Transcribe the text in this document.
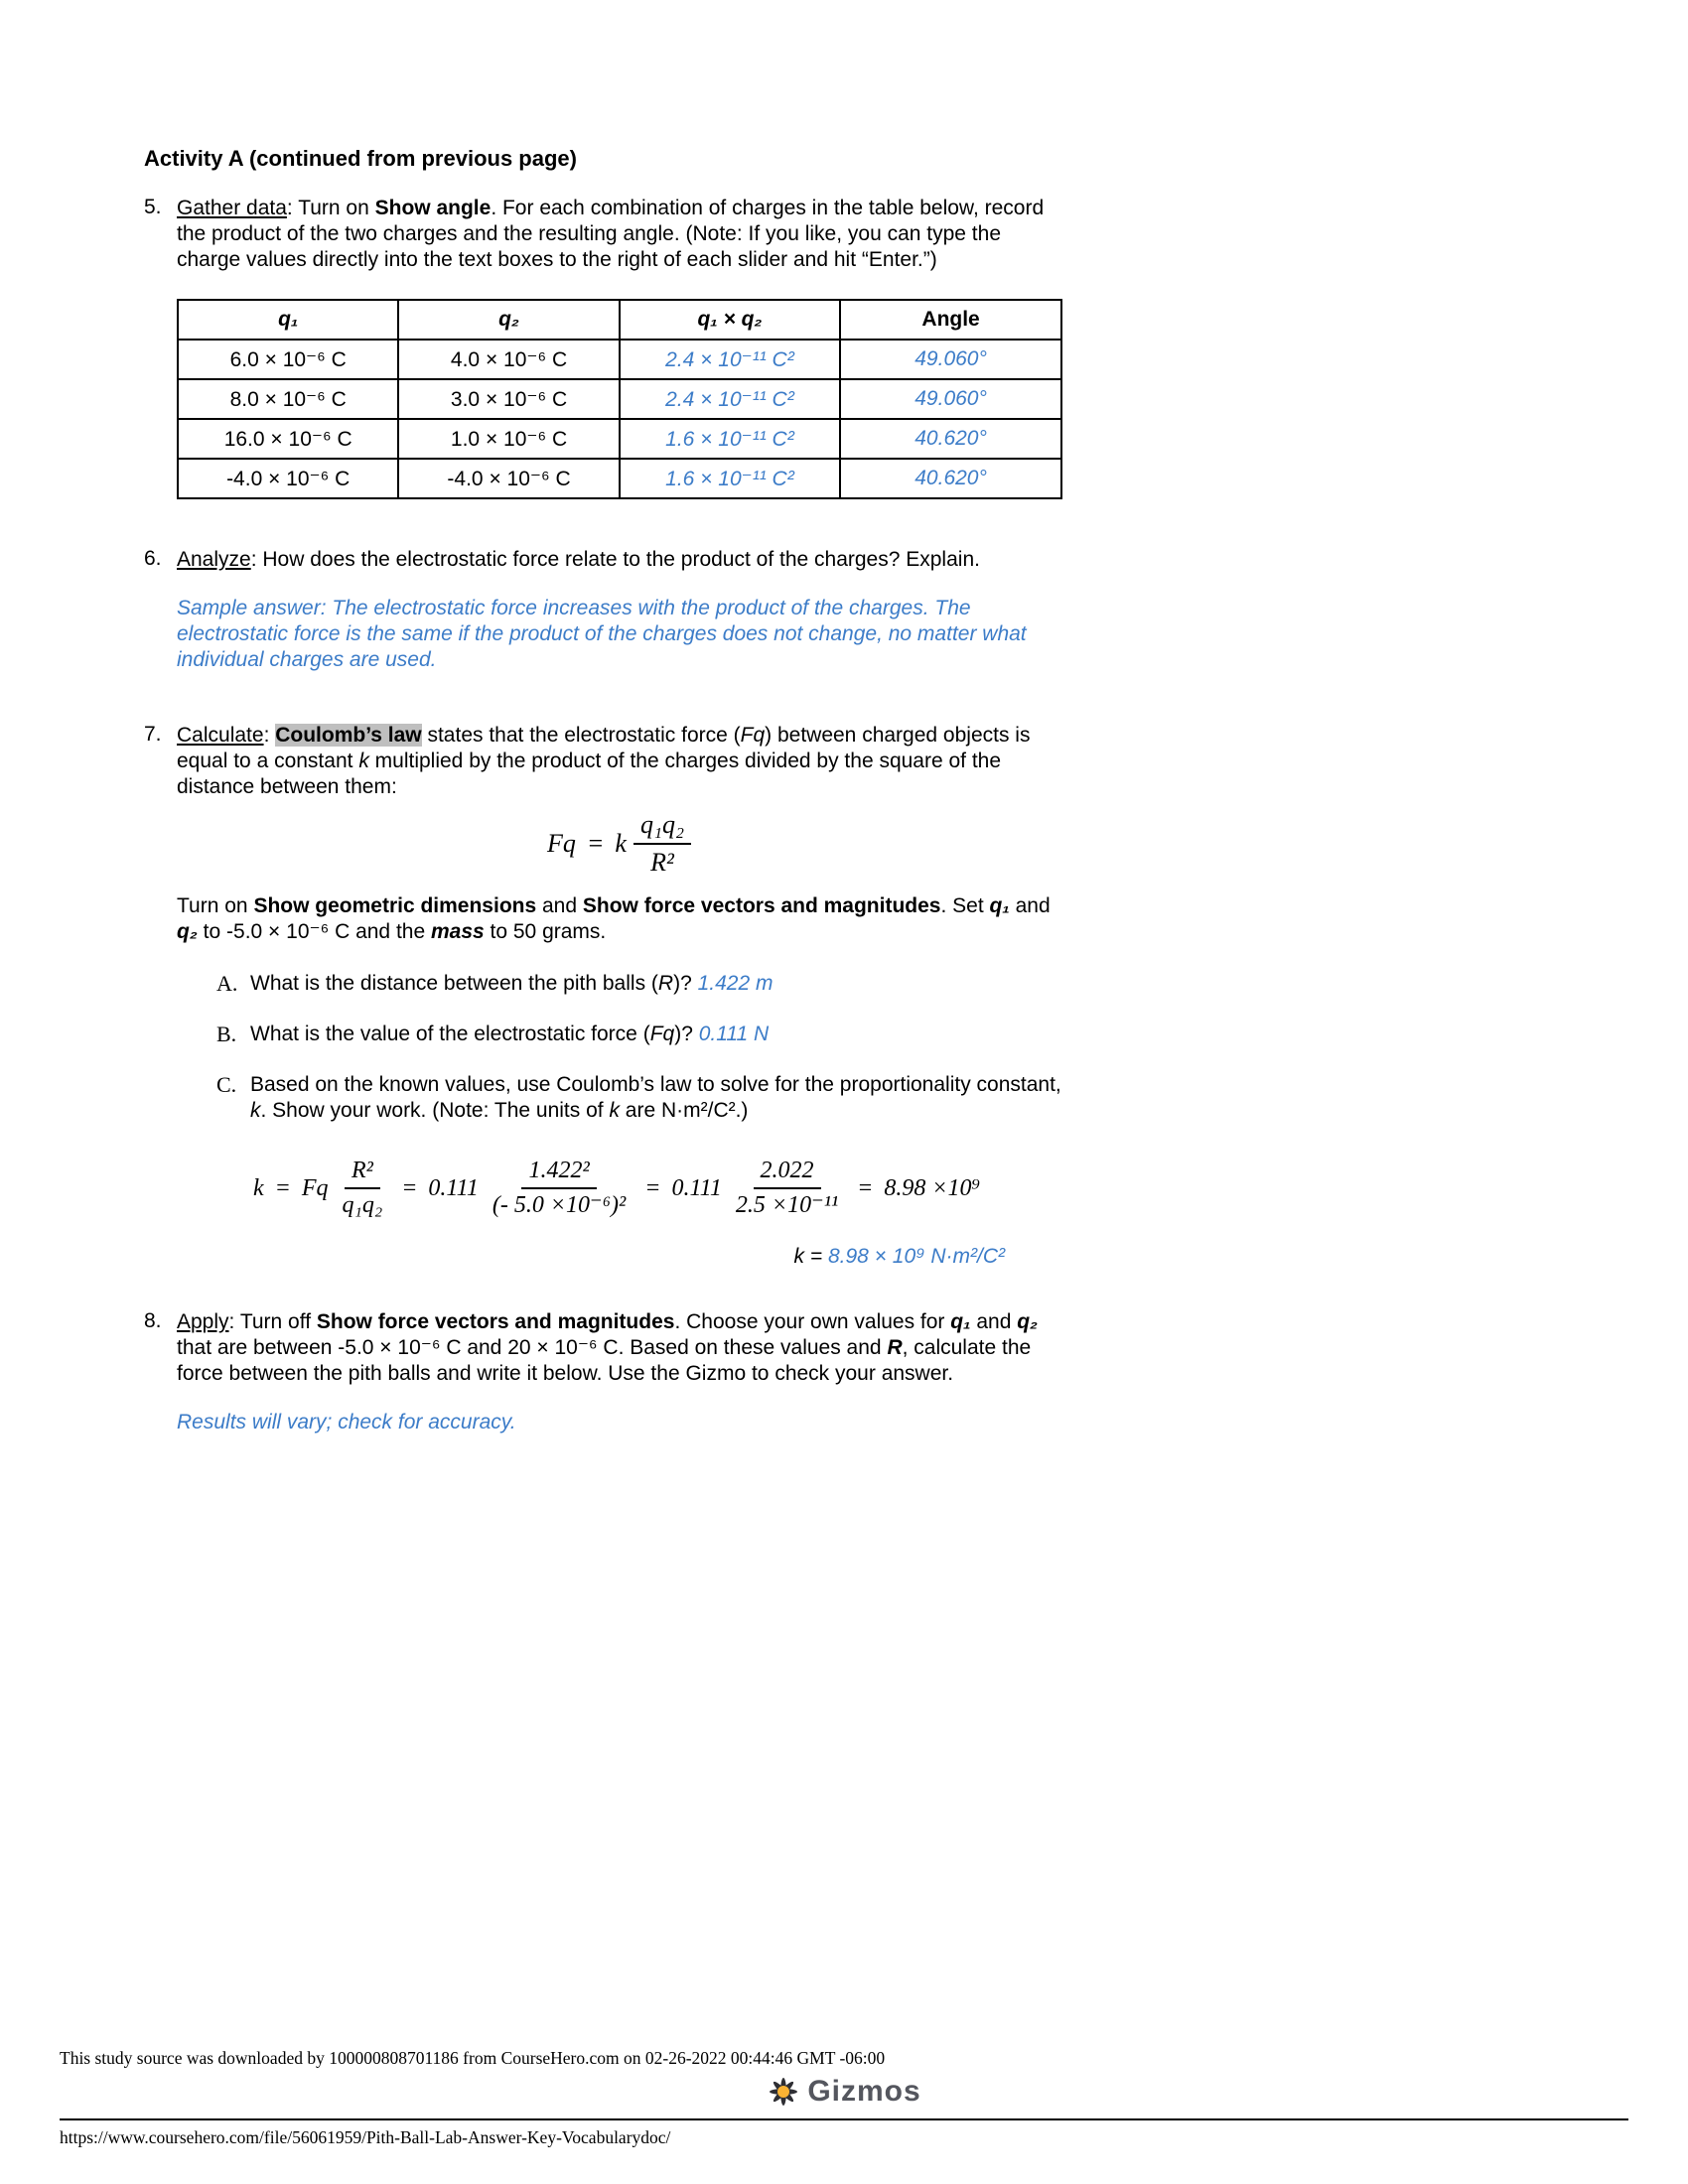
Activity A (continued from previous page)
5. Gather data: Turn on Show angle. For each combination of charges in the table below, record the product of the two charges and the resulting angle. (Note: If you like, you can type the charge values directly into the text boxes to the right of each slider and hit “Enter.”)
q₁	q₂	q₁ × q₂	Angle
6.0 × 10⁻⁶ C	4.0 × 10⁻⁶ C	2.4 × 10⁻¹¹ C²	49.060°
8.0 × 10⁻⁶ C	3.0 × 10⁻⁶ C	2.4 × 10⁻¹¹ C²	49.060°
16.0 × 10⁻⁶ C	1.0 × 10⁻⁶ C	1.6 × 10⁻¹¹ C²	40.620°
-4.0 × 10⁻⁶ C	-4.0 × 10⁻⁶ C	1.6 × 10⁻¹¹ C²	40.620°
6. Analyze: How does the electrostatic force relate to the product of the charges? Explain.
Sample answer: The electrostatic force increases with the product of the charges. The electrostatic force is the same if the product of the charges does not change, no matter what individual charges are used.
7. Calculate: Coulomb’s law states that the electrostatic force (Fq) between charged objects is equal to a constant k multiplied by the product of the charges divided by the square of the distance between them:
Fq = k $\frac{\text{q₁q₂}}{\text{R²}}$
Turn on Show geometric dimensions and Show force vectors and magnitudes. Set q₁ and q₂ to -5.0 × 10⁻⁶ C and the mass to 50 grams.
A. What is the distance between the pith balls (R)? 1.422 m
B. What is the value of the electrostatic force (Fq)? 0.111 N
C. Based on the known values, use Coulomb’s law to solve for the proportionality constant, k. Show your work. (Note: The units of k are N·m²/C².)
k = Fq $\frac{\text{R²}}{\text{q₁q₂}} = 0.111 \frac{\text{1.422²}}{\text{(- 5.0 ×10⁻⁶)²}} = 0.111 \frac{2.022}{\text{2.5 ×10⁻¹¹}} = 8.98 \times 10^9$
k = 8.98 × 10⁹ N·m²/C²
8. Apply: Turn off Show force vectors and magnitudes. Choose your own values for q₁ and q₂ that are between -5.0 × 10⁻⁶ C and 20 × 10⁻⁶ C. Based on these values and R, calculate the force between the pith balls and write it below. Use the Gizmo to check your answer.
Results will vary; check for accuracy.
This study source was downloaded by 100000808701186 from CourseHero.com on 02-26-2022 00:44:46 GMT -06:00
Gizmos
https://www.coursehero.com/file/56061959/Pith-Ball-Lab-Answer-Key-Vocabularydoc/
